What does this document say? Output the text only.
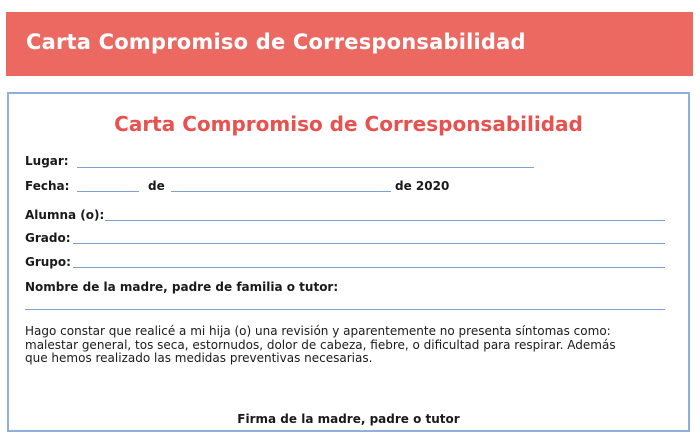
Carta Compromiso de Corresponsabilidad
Carta Compromiso de Corresponsabilidad
Lugar:
Fecha:	de	de 2020
Alumna (o):
Grado:
Grupo:
Nombre de la madre, padre de familia o tutor:
Hago constar que realicé a mi hija (o) una revisión y aparentemente no presenta síntomas como:
malestar general, tos seca, estornudos, dolor de cabeza, fiebre, o dificultad para respirar. Además
que hemos realizado las medidas preventivas necesarias.
Firma de la madre, padre o tutor
